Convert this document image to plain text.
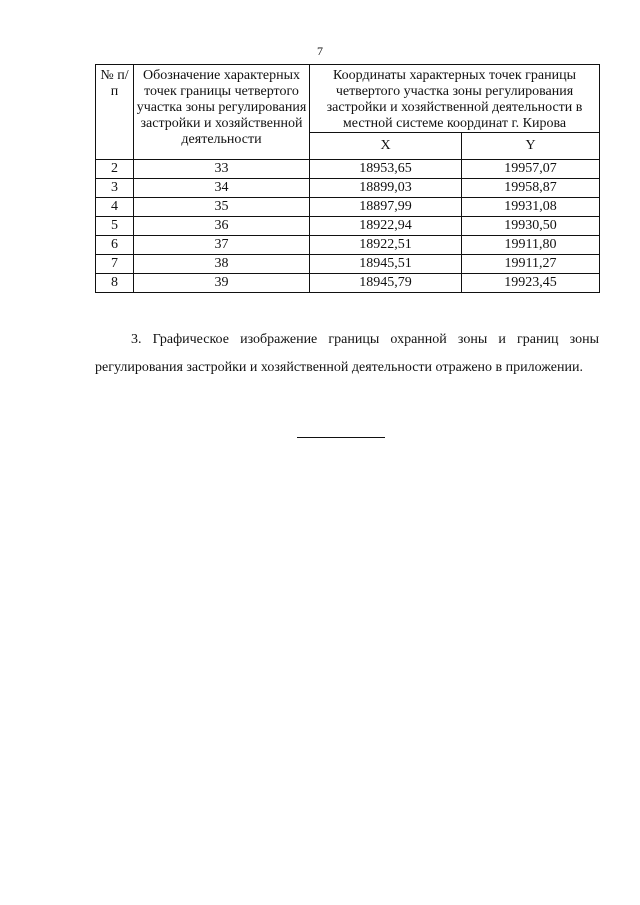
7
№ п/п	Обозначение характерных точек границы четвертого участка зоны регулирования застройки и хозяйственной деятельности	Координаты характерных точек границы четвертого участка зоны регулирования застройки и хозяйственной деятельности в местной системе координат г. Кирова	
		X	Y
2	33	18953,65	19957,07
3	34	18899,03	19958,87
4	35	18897,99	19931,08
5	36	18922,94	19930,50
6	37	18922,51	19911,80
7	38	18945,51	19911,27
8	39	18945,79	19923,45
3. Графическое изображение границы охранной зоны и границ зоны регулирования застройки и хозяйственной деятельности отражено в приложении.
